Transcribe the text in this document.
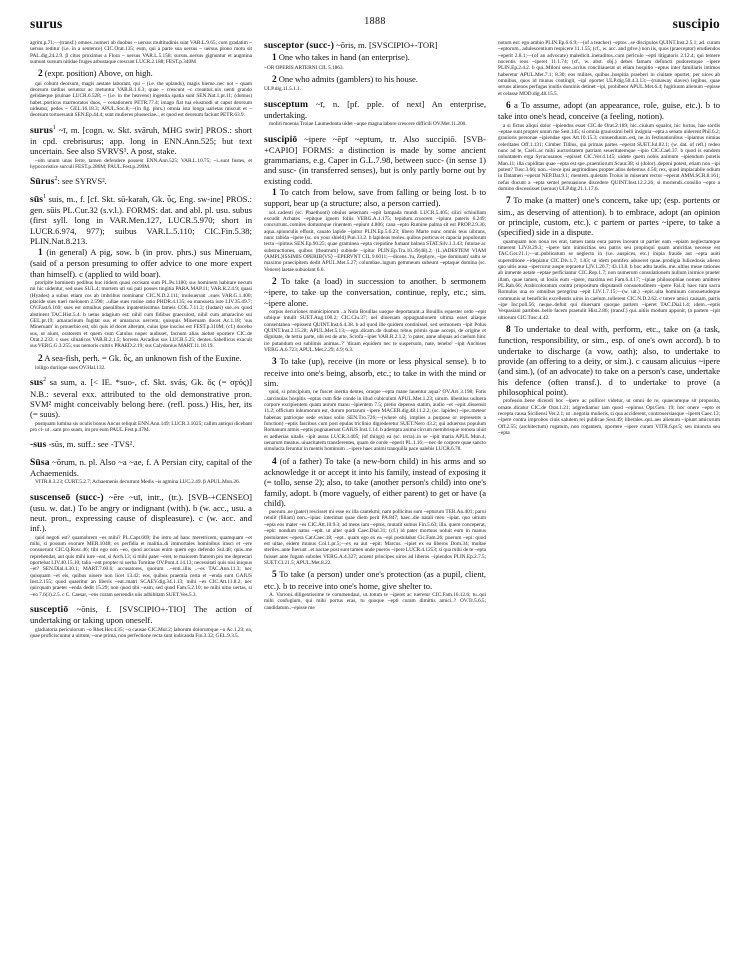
surus	1888	suscipio

agrim.p.71;—(transf.) omnes..numeri ab duobus ~ uersus multitudinis sunt VAR.L.9.65; cum gradatim ~ uersus reditur (i.e. in a sentence) CIC.Orat.135; eum, qui a parte sua uersus ~ uersus prono motu sit PAL.dig.24.2.9. β citus proximus a Flora ~ uersus VAR.L.5.158; sursus..uersus gignuntur et augmina sumunt sursum nitidae fruges arbustaque crescunt LUCR.2.188; FEST.p.340M

2 (expr. position) Above, on high.

qui cohunt deorsum, magis aestate laborant, qui ~ (i.e. the uplands), magis hieme..nec not ~ quam deorsum tardius seruntur ac metuntur VAR.R.1.6.3; quae ~ crescunt ~c creantur..nix uenti grando gelidaeque pruinae LUCR.6.528; ~ (i.e. in the heavens) ingentia spatia sunt SEN.Nat.1.pr.11; (domus) habet..porticus marmoratos duos, ~ cenationem PETR.77.4; imago fiat tua eiusmodi ut caput deorsum uideatur, pedes ~ GEL.16.18.3; APUL.Soc.8;—(in fig. phrs.) omnia ista longa uarietas miscuit et ~ deorsum tortuersauit SEN.Ep.44.4; sunt mulieres plusseciae.., et quod est deorsum faciunt PETR.63.9.

surus$^1$ ~ī, m. [cogn. w. Skt. svāruh, MHG swir] PROS.: short in cpd. crebrisurus; app. long in ENN.Ann.525; but text uncertain. See also SVRVS¹. A post, stake.

~um unum unas ferre, tamen defendere possent ENN.Ann.525; VAR.L.10.75; ~i..sunt fustes, et hypocoristice surculi FEST.p.286M; PAUL.Fest.p.299M.

Sūrus$^2$: see SYRVS².

sūs$^1$ suis, m., f. [cf. Skt. sū-karah, Gk. ὗς, Eng. sw-ine] PROS.: gen. sūis PL.Cur.32 (s.v.l.). FORMS: dat. and abl. pl. usu. subus (first syll. long in VAR.Men.127, LUCR.5.970; short in LUCR.6.974, 977); suibus VAR.L.5.110; CIC.Fin.5.38; PLIN.Nat.8.213.

1 (in general) A pig, sow. b (in prov. phrs.) sus Mineruam, (said of a person presuming to offer advice to one more expert than himself). c (applied to wild boar).

proripite hominem pedibus huc itidem quasi occisam sum PL.Ps.1180; sus hominem habitare necum mi hic uidentur, sed sues SUL.4; mortem uti sui pati posses tingitia PARA.MAP.11; VAR.R.2.4.9; quasi (Hyades) a subus etiam cos ab imbribus nominatur CIC.N.D.2.111; mulsuerunt ..sues VAR.G.1.400; placide sues tueri melonem 2.590; ..ullae sues rosine ratio PHDR.4.135; ea mansueta iure LIV.35.49.7; OV.Fast.6.169; sues est omnibus paenilibus inpatentissimus fameis COL.7.11.3; (Iudaei) sue..ex quod abstinent TAC.Hist.5.4. b uetus adagium est: nihil cum fidibus graeculost, nihil cum amaracino sui GEL.pr.19; amaracinum fugitat sus et amaracus uercem; quisquis Mineruam docet Ac.1.18; 'sus Mineruam' in prouerbio est, ubi quis id docet alterum, cuius ipse inscius est FEST.p.310M; (cf.) docebo sus, ut aiunt, oratorem et quem cum Catulus nuper audisset, facnum alias aiebat oportere CIC.de Orat.2.233. c sues siluaticos VAR.R.2.1.5; horrens Arcadius sus LUCR.5.25; dentes..Sabellicus exacuit sus VERG.G.3.255; sus nemoris cultrix PRAED.2.19; sus Calydonius MART.11.18.19.

2 A sea-fish, perh. = Gk. ὗς, an unknown fish of the Euxine.

lolligo duriique sues OV.Hal.132.

sus$^2$ sa sum, a. [< IE. *suo-, cf. Skt. svás, Gk. ὅς (= σϝός)] N.B.: several exx. attributed to the old demonstrative pron. SVM² might conceivably belong here. (refl. poss.) His, her, its (= suus).

postquam lumina sis oculis bonus Ancus reliquit ENN.Ann.149; LUCR.3.1025; callim antiqui dicebant pro cl- ut ..sam pro suam, im pro eum PAUL.Fest.p.47M.

-sus -sūs, m. suff.: see -TVS².

Sūsa ~ōrum, n. pl. Also ~a ~ae, f. A Persian city, capital of the Achaemenids.

VITR.8.3.23; CURT.5.2.7; Achaemenis decurrant Medis ~is agmina LUC.2.49. β APUL.Mun.26.

suscenseō (succ-) ~ēre ~uī, intr., (tr.). [SVB-+CENSEO] (usu. w. dat.) To be angry or indignant (with). b (w. acc., usu. a neut. pron., expressing cause of displeasure). c (w. acc. and inf.).

quid negoti est? quamobrem ~es mihi? PL.Capt.669; iho intro ad hanc meretricem, quamquam ~et mihi, si possum exorare MER.1048; ex perfidia et malitia..di immortales hominibus irasci et ~ere consuerunt CIC.Q.Rosc.46; tibi ego non ~eo, quod accusas enim quem ego defendo Sul.48; quis..me reprehendat, aut quis mihi iure ~eat, si Arch.13; si mihi pater ~eret, te maiorem fratrem pro me deprecari oportebat LIV.40.15.10; talia ~ent propter ni uerba Tomitae OV.Pont.4.14.13; necessitati quis nisi iniquus ~et? SEN.Dial.4.30.1; MART.7.60.6; accusatores, quorum ..~enti..illis ..~es TAC.Ann.11.3; nec quisquam ~et eis, quibus uiuere non licet 13.42; eos, quibus praemia certa et ~enda sunt GAIUS Inst.2.155; quod quaeritur an liberis ~eat..matri SCAEV.dig.34.1.13; mihi ~es CIC.Att.11.8.2; nec quicquam praeter ~enda dedit 15.29; non quod tibi ~eam, sed quod Fam.5.2.10; ne mihi uitio uertas, si ~eo 7.6(3).2.5. c C. Caesar, ~ens curam uerrendis uiis adhibitam SUET.Ves.5.3.

susceptiō ~ōnis, f. [SVSCIPIO+-TIO] The action of undertaking or taking upon oneself.

gladiatoria periculorum ~o Rhet.Her.4.35; ~o causae CIC.Mur.2; laborum dolorumque ~o Ac.1.23; ea, quae proficiscuntur a uirtute, ~one prima, non perfectione recta sunt iudicanda Fin.3.32; GEL.9.3.5.

susceptor (succ-) ~ōris, m. [SVSCIPIO+-TOR]

1 One who takes in hand (an enterprise).

~OR OPERIS ARTERNI CIL 5.1863.

2 One who admits (gamblers) to his house.

ULP.dig.11.5.1.1.

susceptum ~ī, n. [pf. pple. of next] An enterprise, undertaking.

moliri moenia Troiae Laumedonta uidet ~aque magna labore crescere difficili OV.Met.11.200.

suscipiō ~ipere ~ēpī ~eptum, tr. Also succipiō. [SVB-+CAPIO] FORMS: a distinction is made by some ancient grammarians, e.g. Caper in G.L.7.98, between succ- (in sense 1) and susc- (in transferred senses), but is only partly borne out by existing codd.

1 To catch from below, save from falling or being lost. b to support, bear up (a structure; also, a person carried).

sol..cadenti (sc. Phaethonti) obuius aeternam ~epit lampada mundi LUCR.5.405; silici schiuillam excudit Achates ~epitque ignem foliis VERG.A.1.175; tepidum..cruorem ~ipiunt pateris 6.249; concurrunt..comites domumque rinentem ~epiunt 4.806; cana ~epto Rumine palma sit est PROP.2.9.36; aqua..spiunculis effusit, cauato lapide ~ipitur PLIN.Ep.5.6.23; libero Marte nunc omnis teus uibrans, nunc rabida ~ipere (sc. on your shield) Pun.13.2. b lapideas moles..quibus porticus et capacia populorum tecta ~ipimus SEN.Ep.90.25; quae graminea ~epta crepidine fumant balnea STAT.Silv.1.3.43; futurae ac substructiones, quibus (theatrum) subinde ~ipitur PLIN.Ep.Tra.10.39(48).2; (L.)ADESTEM VIAM ⟨AMPL⟩ISSIMIS OPERIB⟨VS⟩ ~EPERVNT CIL 9.6011;—dicens..'tu, Zephyre, ~ipe dominam' saltu se maximo praecipitem dedit APUL.Met.5.27; columbae..iugum gemmeum subeunt ~eptaque domina (sc. Venere) laetae subuolant 6.6.

2 To take (a load) in succession to another. b sermonem ~ipere, to take up the conversation, continue, reply, etc.; sim. ~ipere alone.

corpus decuriones municipiorum ..a Nola Bouillas uasque deportarant..a Bouillis equester ordo ~epit urbique intulit SUET.Aug.100.2; CIC.Clu.37; uel diuersam oppugnationem ultima esset aliaque consentanea ~epissent QUINT.Inst.6.4.38. b ad quod ille quidem continissel, sed sermonem ~ipit Polus QUINT.Inst.2.15.28; APUL.Met.5.13;—ego..dicam..de duabus rebus primis quae accepi, de origine et dignitate, de tertia parte, ubi est de arte, Scrofa ~ipiet VAR.R.2.1.2; 'o pater, anne aliquas ad caelum hinc ire putandum est sublimis animas..?' 'dicam equidem nec te suspersum, nate, tenebo' ~ipit Anchises VERG.A.6.723; APUL.Met.2.29; 4.9; 6.3.

3 To take (up), receive (in more or less physical sense). b to receive into one's being, absorb, etc.; to take in with the mind or sim.

quid, si principium, ne fuscet inertia dentes, oraque ~epta mane lauentur aqua? OV.Ars 3.198; Fotis ..sarcinulas hospitis ~eptas cum fide conde in illud cubiculum APUL.Met.1.23; uirum. libentius uulnera corpore excipientem quam aurum manu ~ipientem 7.5; pretio depenso statim, audio ~et ~epit..dissensit 11.2; officium inhumorum est, durum portarum ~ipere MACER.dig.48.11.2.2; (sc. lapides) ~ipe..meteor habenas patrioque sede exlsus solio SEN.Tro.726;—(where obj. implies a purpose or represents a function) ~eptis fascibus cum post epulas triclinio digrederetur SUET.Nero 43.2; qui aduersus populum Romanum armis ~eptis pugnauerunt GAIUS Inst.1.14. b adempta anima circum membrisque remota uiuit et aetherias uitalis ~ipit auras LUCR.3.405; (of things) ea (sc. terra)..in se ~ipit maria APUL.Mun.4; uenarum meatus..uiuacitatem transferentes, quam de corde ~eperit PL.1.16;—nec de corpore quae sancto simulacra feruntur in mentis hominum ..~ipere haec animi tranquilla pace ualebis LUCR.6.78.

4 (of a father) To take (a new-born child) in his arms and so acknowledge it or accept it into his family, instead of exposing it (= tollo, sense 2); also, to take (another person's child) into one's family, adopt. b (more vaguely, of either parent) to get or have (a child).

puerum..ne (pater) rescisset mi esse ex illa cautekmi; nam pollicitus sum ~epturum TER.An.401; parui retulit (filiam) non..~ipias: interimat quae diem perit PA.847; haec..die natali meo ~ipiat. quo uitium ~epta eos mater ~es CIC.Att.10.9.3; ad meos iam ~eptos, mutatit sumus Fin.5.63; illa. quem conceperat, ~epit: nondum natus ~epit. ut alter quidi Caec.Dial.31; (cf.) id pater mortuus uoluit eum in manus postulantes ~epera Cat.Caec.18; ~ept.. quam ego ex ea ~epi postulabat Cic.Fam.26; puerum ~epi: quod est uitae, eidem munus Col.1.pr.5;—ex ea aut ~epit: Marcus. ~ipiet ex ea liberos Dom.34; multae steriles..ante fuerunt ..et nactae post sunt tamen unde pueros ~ipere LUCR.4.1253; si qua mihi de te ~epta fuisset ante fugam suboles VERG.A.4.327; acuent principes uiros ad liberos ~ipiendos PLIN.Ep.2.7.5; SUET.Cl.21.5; APUL.Met.8.22.

5 To take (a person) under one's protection (as a pupil, client, etc.). b to receive into one's home, give shelter to.

A. Varroni..diligentissime te commendaui, ut..totum te ~iperet ac tueretur CIC.Fam.16.12.6; tu..qui mihi confugium, qui mihi portus eras, tu quoque ~epti curam dimittis amici..? OV.Tr.5.6.5; candidatum..~episse me

notum est: ego ambio PLIN.Ep.6.6.9;—(of a teacher) ~eptos ..se discipulos QUINT.Inst.2.5.1; ad. curam ~eptorum.. adulescentium respicere 11.1.55; (cf., w. acc. and gdve.) non iis, quos (praeceptor) erudiendos ~eperit 2.8.1;—(of an advocate) maledicit..ineraditus..cum periculo ~epti litigatoris 2.12.4; qui temere nocentis reos ~iperet 11.1.74; (cf., w. abst. obj.) debes famam defuncti pudoremque ~ipere PLIN.Ep.2.4.2. b qui..Miloni sese..acrius conciliauerat ut etiam hospitio ~eptus inter familiaris intimos haberetur APUL.Met.7.1; 8.30; eos milites, quibus..hospitia praeberi in ciuitate oportet, per uices ab omnibus, quos id munus contingit, ~ipi oportet ULP.dig.50.4.3.13;—(runaway slaves) legibus, quae seruos alienos perfugas inuitis dominis detinet ~ipi, prohibeor APUL.Met.6.4; fugitiuum alienum ~episse et celasse MOD.dig.48.15.5.

6 a To assume, adopt (an appearance, role, guise, etc.). b to take into one's head, conceive (a feeling, notion).

a si fictus aliqui dolor ~ipiendus esset CIC.de Orat.2.189; hic..ciuium squalor, hic luctus, hae sordis ~eptae sunt propter unum me Sest.145; si omnia grauissimi belli insignia ~epta a senatu uiderent Phil.6.2; grauioris personae ~ipiendae spes Att.10.15.3; conuenduum..est, ne..in festinationibus ~ipiamus nimias celeritates Off.1.131; Cimber Tillius, qui primas partes ~eperat SUET.Jul.82.1; (w. dat. of refl.) redeo nunc ad te, Caeli..ac mihi auctoritatem patriam seueritatemque ~ipio CIC.Cael.37. b quod is eandem uoluntatem erga Syracusanos ~episset CIC.Ver.4.145; uidete quem nobis animum ~ipiendum putetis Man.11; illa cupiditas quae ~epta est spe..praemiorum Scaur.38; si (dolor)..deponi potest, etiam non ~ipi potest? Tusc.3.66; non..~irece ipsi aegritudines propter alios debemus 4.56; rex, quod implacabile odium in Datamen ~eperat NEP.Dat.9.1; mentem..quietam Troius in miseram rector ~eperat AMM.SCR.8.161; nefas ducunt a ~epta semel persuasione discedere QUINT.Inst.12.2.26; si moriendi..consilio ~epto a domino discessisset (seruus) ULP.dig.21.1.17.6.

7 To make (a matter) one's concern, take up; (esp. portents or sim., as deserving of attention). b to embrace, adopt (an opinion or principle, custom, etc.). c partem or partes ~ipere, to take a (specified) side in a dispute.

quamquam non noua res erat, tamen tanta eura patres inceant ut partier eam ~epiam neglectamque timerent LIV.8.29.3; ~ipere tam inimicitias seu patris seu propinqui quam amicitias necesse est TAC.Ger.21.1;—ut..publicatum se neglecto in (i.e. auspices, etc.) inipia fraude aut ~epta auiti superstitione ~idepiatur CIC.Div.1.7; 1.83; ut idem pontifex adsoeret quae..prodigia Iulicedosis alieno quo uitis ausa ~ipercurur auspe repraetur LIV.1.20.7; 43.13.8. b hoc adtu laudis..me..ultius meae rationes ab inmente aetate ~eptae perficiantur CIC.Rep.1.7; non numerum consulationem nullum inimice praeter illam, quae tamen, ut Iosiis eum ~ipere, maxima est Fam.6.4.17; ~ipiae philosophiae nomen amittere PL.Rab.66; Arabicoloratum contra propositum disputandi consuetudinem ~ipere Fal.4; haec tum sacra Romulus una ex omnibus peregrina ~epit LIV.1.7.15;—(w. uit.) ~epit..uita hominum consuetudoque communis ut beneficiis excellentis uiros in caelum..tollerent CIC.N.D.2.62. c tutere amici causam, partis ~ipe Inc.poll.56; neque..defuit qui diuersam quoque partem ~iperet TAC.Dial.1.4; idem..~eptis Vespasiani partibus..bello facem praetulit Hist.2.86; (transf.) qui..uitiis modum apponit, (a partem ~ipit ultiorum CIC.Tusc.4.42.

8 To undertake to deal with, perform, etc., take on (a task, function, responsibility, or sim., esp. of one's own accord). b to undertake to discharge (a vow, oath); also, to undertake to provide (an offering to a deity, or sim.). c causam alicuius ~ipere (and sim.), (of an advocate) to take on a person's case, undertake his defence (often transf.). d to undertake to prove (a philosophical point).

professio..bene dicendi hoc ~ipere ac pollicer videtur, ut omni de re, quaecumque sit proposita, ornate..dicatur CIC.de Orat.1.21; adgrediamur iam quod ~epimus Opt.Gen. 19; hoc onere ~epto et recepta causa Siciliensi Ver.2.1; ut ..negotia mulieris, si qua acciderent, controuersiasque ~iperet Caec.13; ~ipere contra improbos ciuis salutem rei publicae Sest.49; liberales..qui..aes alienum ~ipiunt amicorum Off.2.55; (architectum) rogatum, non rogantem, oportere ~ipere curam VITR.6.pr.5; seu iniuncta seu ~epta
